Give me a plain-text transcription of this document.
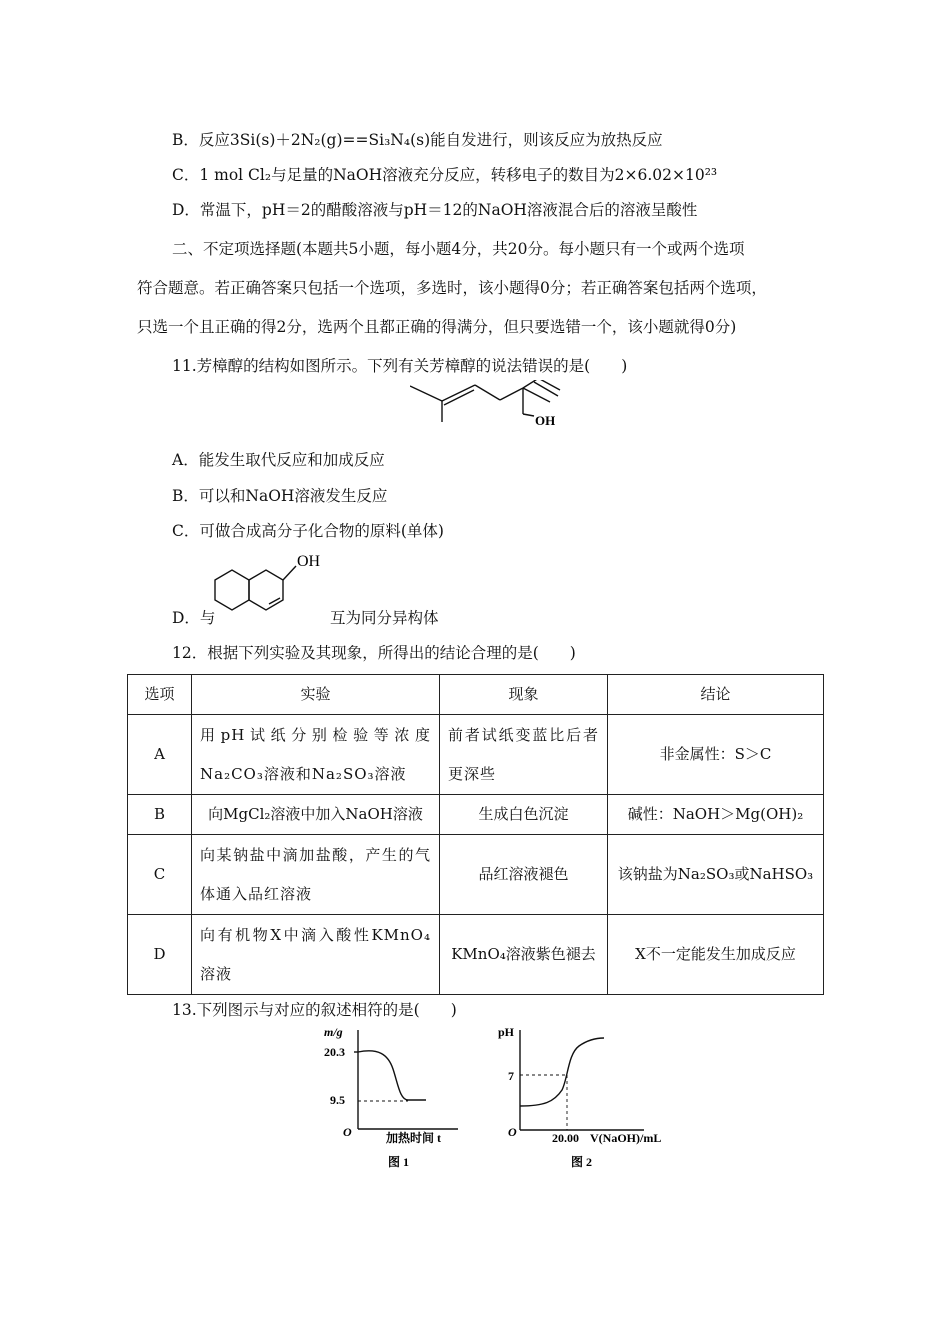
B．反应3Si(s)＋2N₂(g)==Si₃N₄(s)能自发进行，则该反应为放热反应
C．1 mol Cl₂与足量的NaOH溶液充分反应，转移电子的数目为2×6.02×10²³
D．常温下，pH＝2的醋酸溶液与pH＝12的NaOH溶液混合后的溶液呈酸性
二、不定项选择题(本题共5小题，每小题4分，共20分。每小题只有一个或两个选项
符合题意。若正确答案只包括一个选项，多选时，该小题得0分；若正确答案包括两个选项，
只选一个且正确的得2分，选两个且都正确的得满分，但只要选错一个，该小题就得0分)
11.芳樟醇的结构如图所示。下列有关芳樟醇的说法错误的是(　　)
OH
A．能发生取代反应和加成反应
B．可以和NaOH溶液发生反应
C．可做合成高分子化合物的原料(单体)
D．与
OH
互为同分异构体
12．根据下列实验及其现象，所得出的结论合理的是(　　)
选项	实验	现象	结论
A	用pH试纸分别检验等浓度Na₂CO₃溶液和Na₂SO₃溶液	前者试纸变蓝比后者更深些	非金属性：S＞C
B	向MgCl₂溶液中加入NaOH溶液	生成白色沉淀	碱性：NaOH＞Mg(OH)₂
C	向某钠盐中滴加盐酸，产生的气体通入品红溶液	品红溶液褪色	该钠盐为Na₂SO₃或NaHSO₃
D	向有机物X中滴入酸性KMnO₄溶液	KMnO₄溶液紫色褪去	X不一定能发生加成反应
13.下列图示与对应的叙述相符的是(　　)
m/g
20.3
9.5
O	加热时间 t
图 1
pH
7
O	20.00 V(NaOH)/mL
图 2
